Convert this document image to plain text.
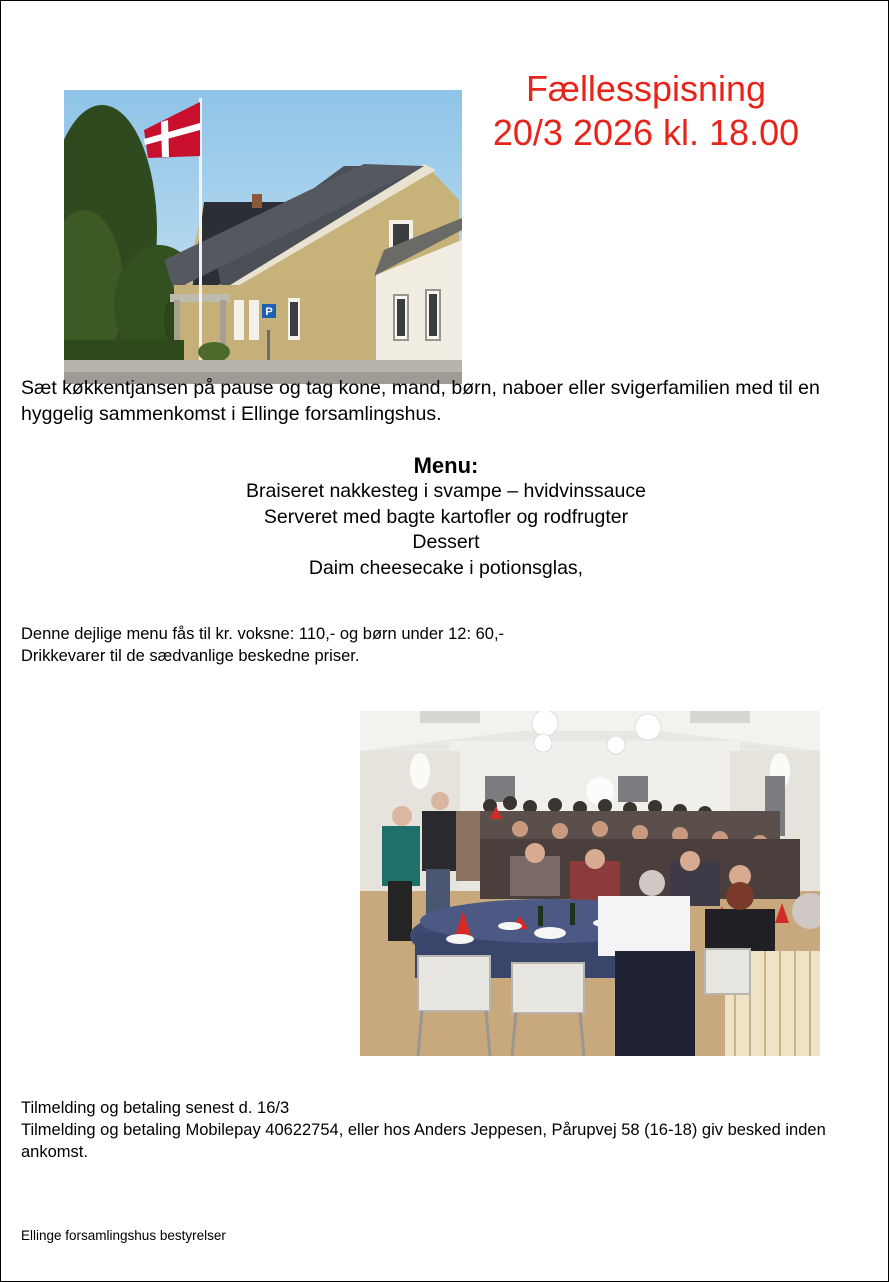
Fællesspisning
20/3 2026 kl. 18.00
P
Sæt køkkentjansen på pause og tag kone, mand, børn, naboer eller svigerfamilien med til en hyggelig sammenkomst i Ellinge forsamlingshus.
Menu:
Braiseret nakkesteg i svampe – hvidvinssauce
Serveret med bagte kartofler og rodfrugter
Dessert
Daim cheesecake i potionsglas,
Denne dejlige menu fås til kr. voksne: 110,- og børn under 12: 60,-
Drikkevarer til de sædvanlige beskedne priser.
Tilmelding og betaling senest d. 16/3
Tilmelding og betaling Mobilepay 40622754, eller hos Anders Jeppesen, Pårupvej 58 (16-18) giv besked inden ankomst.
Ellinge forsamlingshus bestyrelser
